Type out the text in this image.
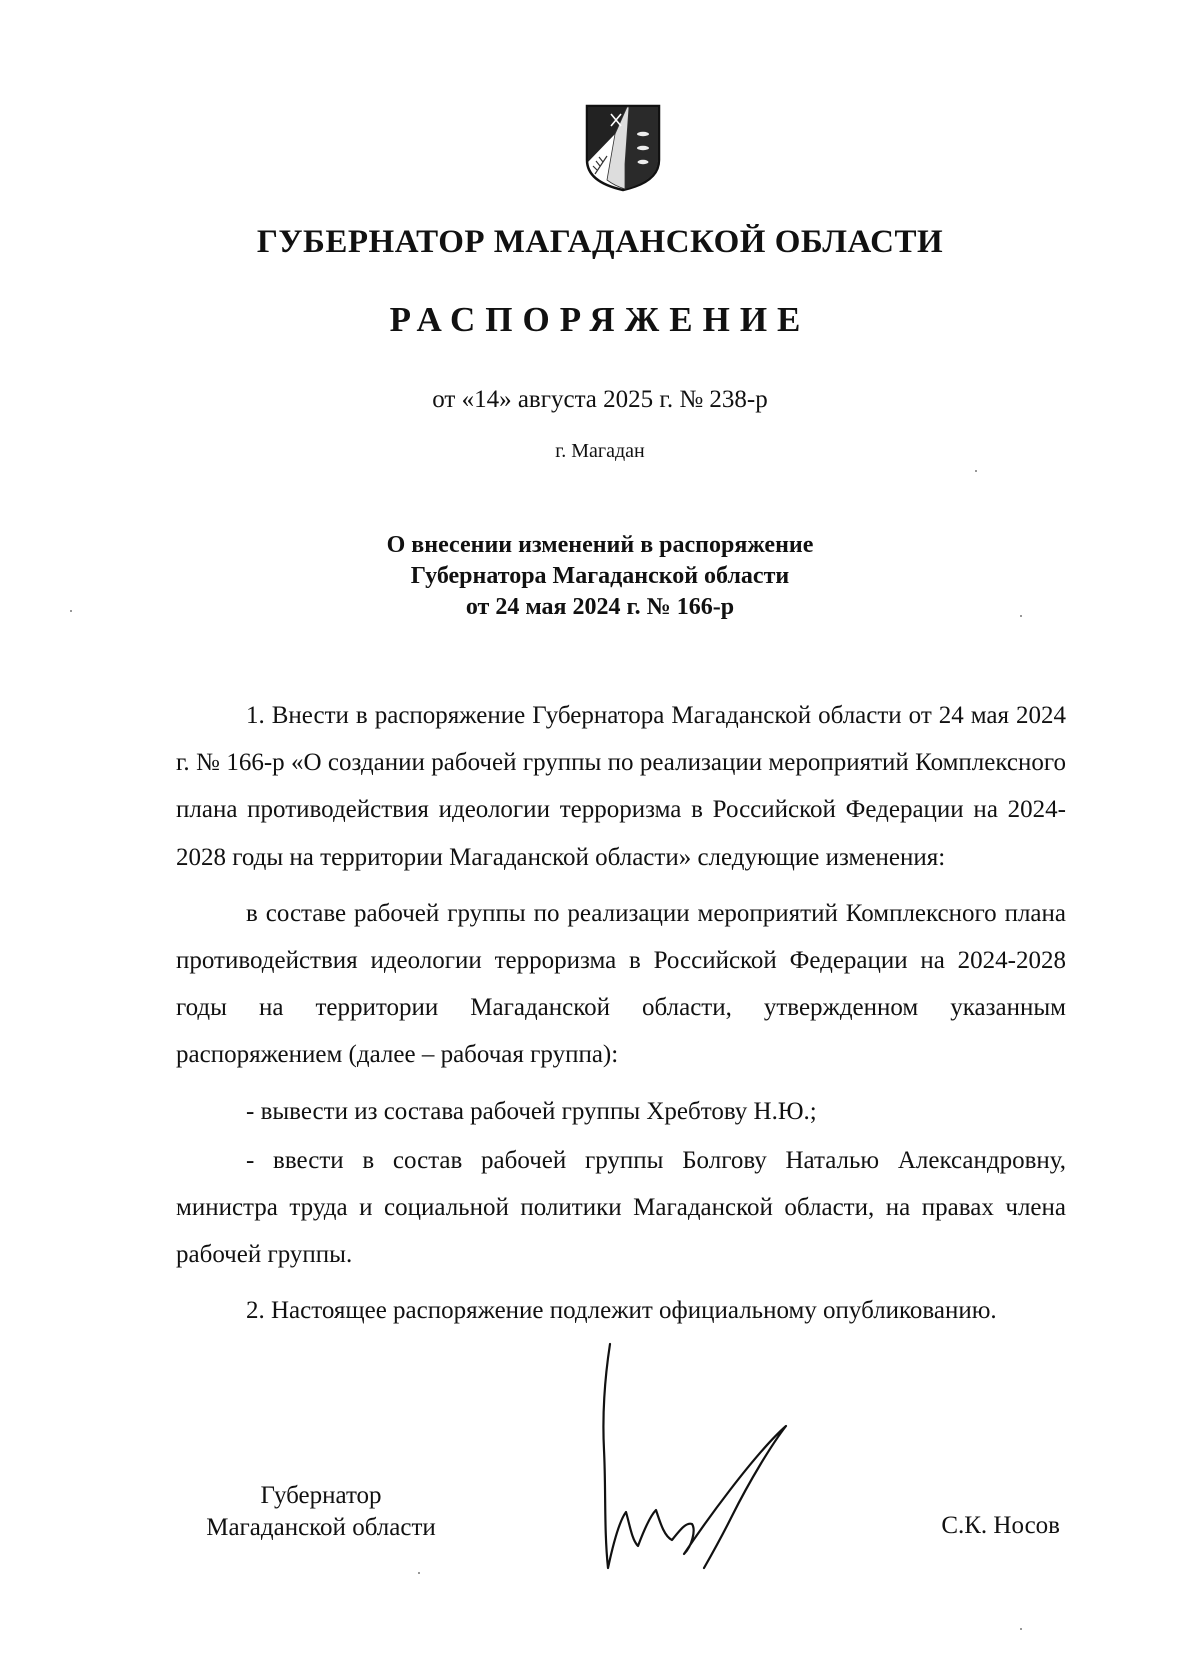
ГУБЕРНАТОР МАГАДАНСКОЙ ОБЛАСТИ
РАСПОРЯЖЕНИЕ
от «14» августа 2025 г. № 238-р
г. Магадан
О внесении изменений в распоряжение
Губернатора Магаданской области
от 24 мая 2024 г. № 166-р

1. Внести в распоряжение Губернатора Магаданской области от 24 мая 2024 г. № 166-р «О создании рабочей группы по реализации мероприятий Комплексного плана противодействия идеологии терроризма в Российской Федерации на 2024-2028 годы на территории Магаданской области» следующие изменения:

в составе рабочей группы по реализации мероприятий Комплексного плана противодействия идеологии терроризма в Российской Федерации на 2024-2028 годы на территории Магаданской области, утвержденном указанным распоряжением (далее – рабочая группа):

- вывести из состава рабочей группы Хребтову Н.Ю.;

- ввести в состав рабочей группы Болгову Наталью Александровну, министра труда и социальной политики Магаданской области, на правах члена рабочей группы.

2. Настоящее распоряжение подлежит официальному опубликованию.

Губернатор
Магаданской области	С.К. Носов
